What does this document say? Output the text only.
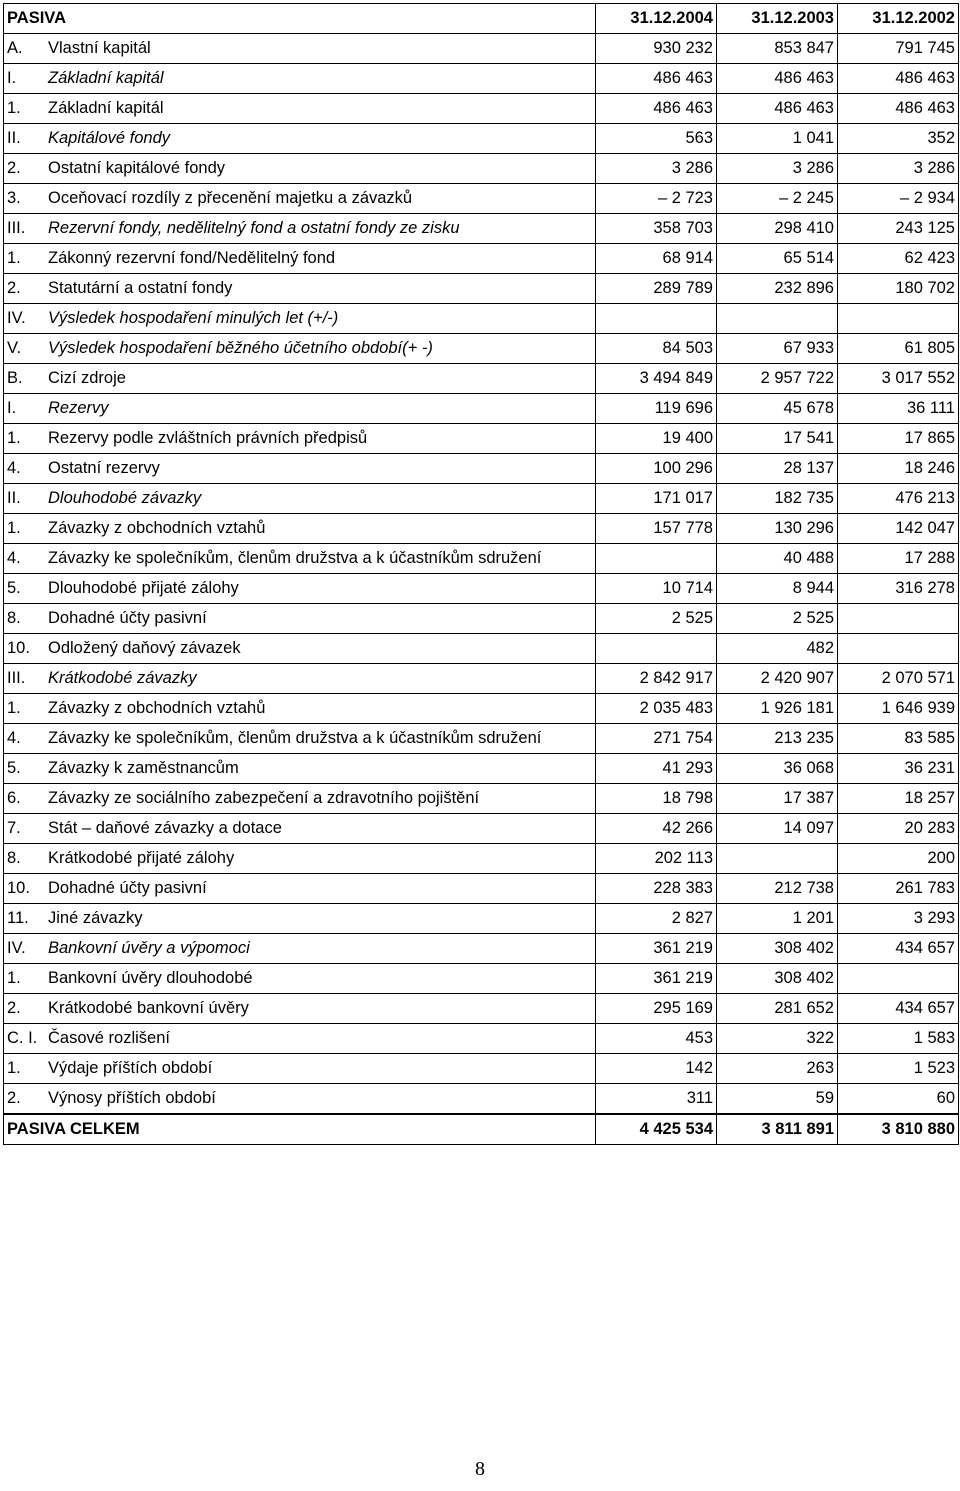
PASIVA	31.12.2004	31.12.2003	31.12.2002
A. Vlastní kapitál	930 232	853 847	791 745
I. Základní kapitál	486 463	486 463	486 463
1. Základní kapitál	486 463	486 463	486 463
II. Kapitálové fondy	563	1 041	352
2. Ostatní kapitálové fondy	3 286	3 286	3 286
3. Oceňovací rozdíly z přecenění majetku a závazků	– 2 723	– 2 245	– 2 934
III. Rezervní fondy, nedělitelný fond a ostatní fondy ze zisku	358 703	298 410	243 125
1. Zákonný rezervní fond/Nedělitelný fond	68 914	65 514	62 423
2. Statutární a ostatní fondy	289 789	232 896	180 702
IV. Výsledek hospodaření minulých let (+/-)			
V. Výsledek hospodaření běžného účetního období(+ -)	84 503	67 933	61 805
B. Cizí zdroje	3 494 849	2 957 722	3 017 552
I. Rezervy	119 696	45 678	36 111
1. Rezervy podle zvláštních právních předpisů	19 400	17 541	17 865
4. Ostatní rezervy	100 296	28 137	18 246
II. Dlouhodobé závazky	171 017	182 735	476 213
1. Závazky z obchodních vztahů	157 778	130 296	142 047
4. Závazky ke společníkům, členům družstva a k účastníkům sdružení		40 488	17 288
5. Dlouhodobé přijaté zálohy	10 714	8 944	316 278
8. Dohadné účty pasivní	2 525	2 525	
10. Odložený daňový závazek		482	
III. Krátkodobé závazky	2 842 917	2 420 907	2 070 571
1. Závazky z obchodních vztahů	2 035 483	1 926 181	1 646 939
4. Závazky ke společníkům, členům družstva a k účastníkům sdružení	271 754	213 235	83 585
5. Závazky k zaměstnancům	41 293	36 068	36 231
6. Závazky ze sociálního zabezpečení a zdravotního pojištění	18 798	17 387	18 257
7. Stát – daňové závazky a dotace	42 266	14 097	20 283
8. Krátkodobé přijaté zálohy	202 113		200
10. Dohadné účty pasivní	228 383	212 738	261 783
11. Jiné závazky	2 827	1 201	3 293
IV. Bankovní úvěry a výpomoci	361 219	308 402	434 657
1. Bankovní úvěry dlouhodobé	361 219	308 402	
2. Krátkodobé bankovní úvěry	295 169	281 652	434 657
C. I. Časové rozlišení	453	322	1 583
1. Výdaje příštích období	142	263	1 523
2. Výnosy příštích období	311	59	60
PASIVA CELKEM	4 425 534	3 811 891	3 810 880
8
